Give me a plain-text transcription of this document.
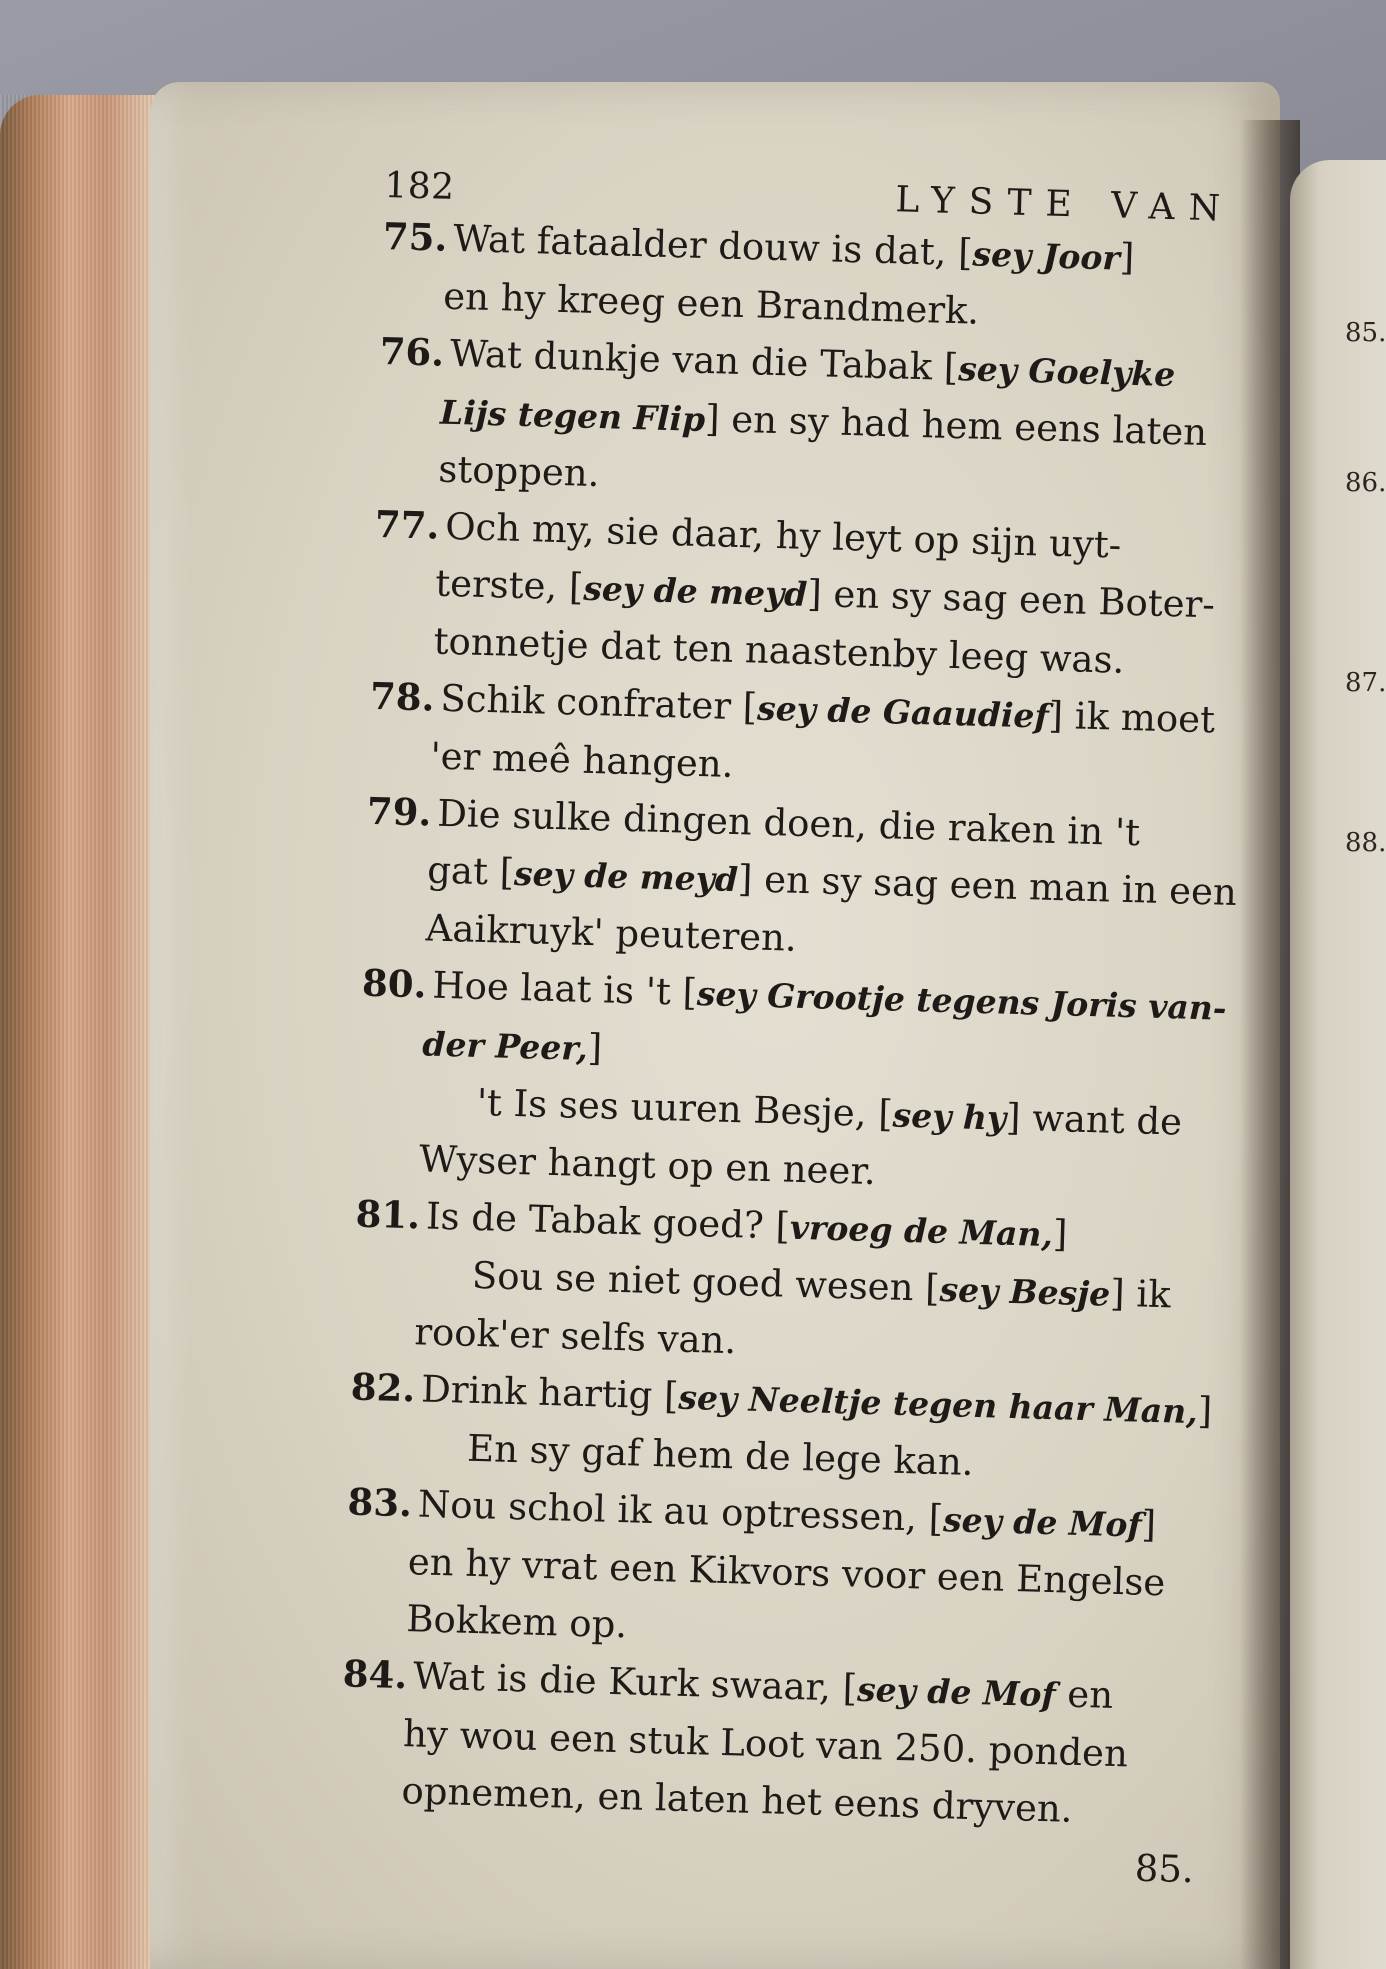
85.
86.
87.
88.
182	LYSTE VAN
75. Wat fataalder douw is dat, [sey Joor]
en hy kreeg een Brandmerk.
76. Wat dunkje van die Tabak [sey Goelyke
Lijs tegen Flip] en sy had hem eens laten
stoppen.
77. Och my, sie daar, hy leyt op sijn uyt-
terste, [sey de meyd] en sy sag een Boter-
tonnetje dat ten naastenby leeg was.
78. Schik confrater [sey de Gaaudief] ik moet
'er meê hangen.
79. Die sulke dingen doen, die raken in 't
gat [sey de meyd] en sy sag een man in een
Aaikruyk' peuteren.
80. Hoe laat is 't [sey Grootje tegens Joris van-
der Peer,]
't Is ses uuren Besje, [sey hy] want de
Wyser hangt op en neer.
81. Is de Tabak goed? [vroeg de Man,]
Sou se niet goed wesen [sey Besje] ik
rook'er selfs van.
82. Drink hartig [sey Neeltje tegen haar Man,]
En sy gaf hem de lege kan.
83. Nou schol ik au optressen, [sey de Mof]
en hy vrat een Kikvors voor een Engelse
Bokkem op.
84. Wat is die Kurk swaar, [sey de Mof en
hy wou een stuk Loot van 250. ponden
opnemen, en laten het eens dryven.
85.
